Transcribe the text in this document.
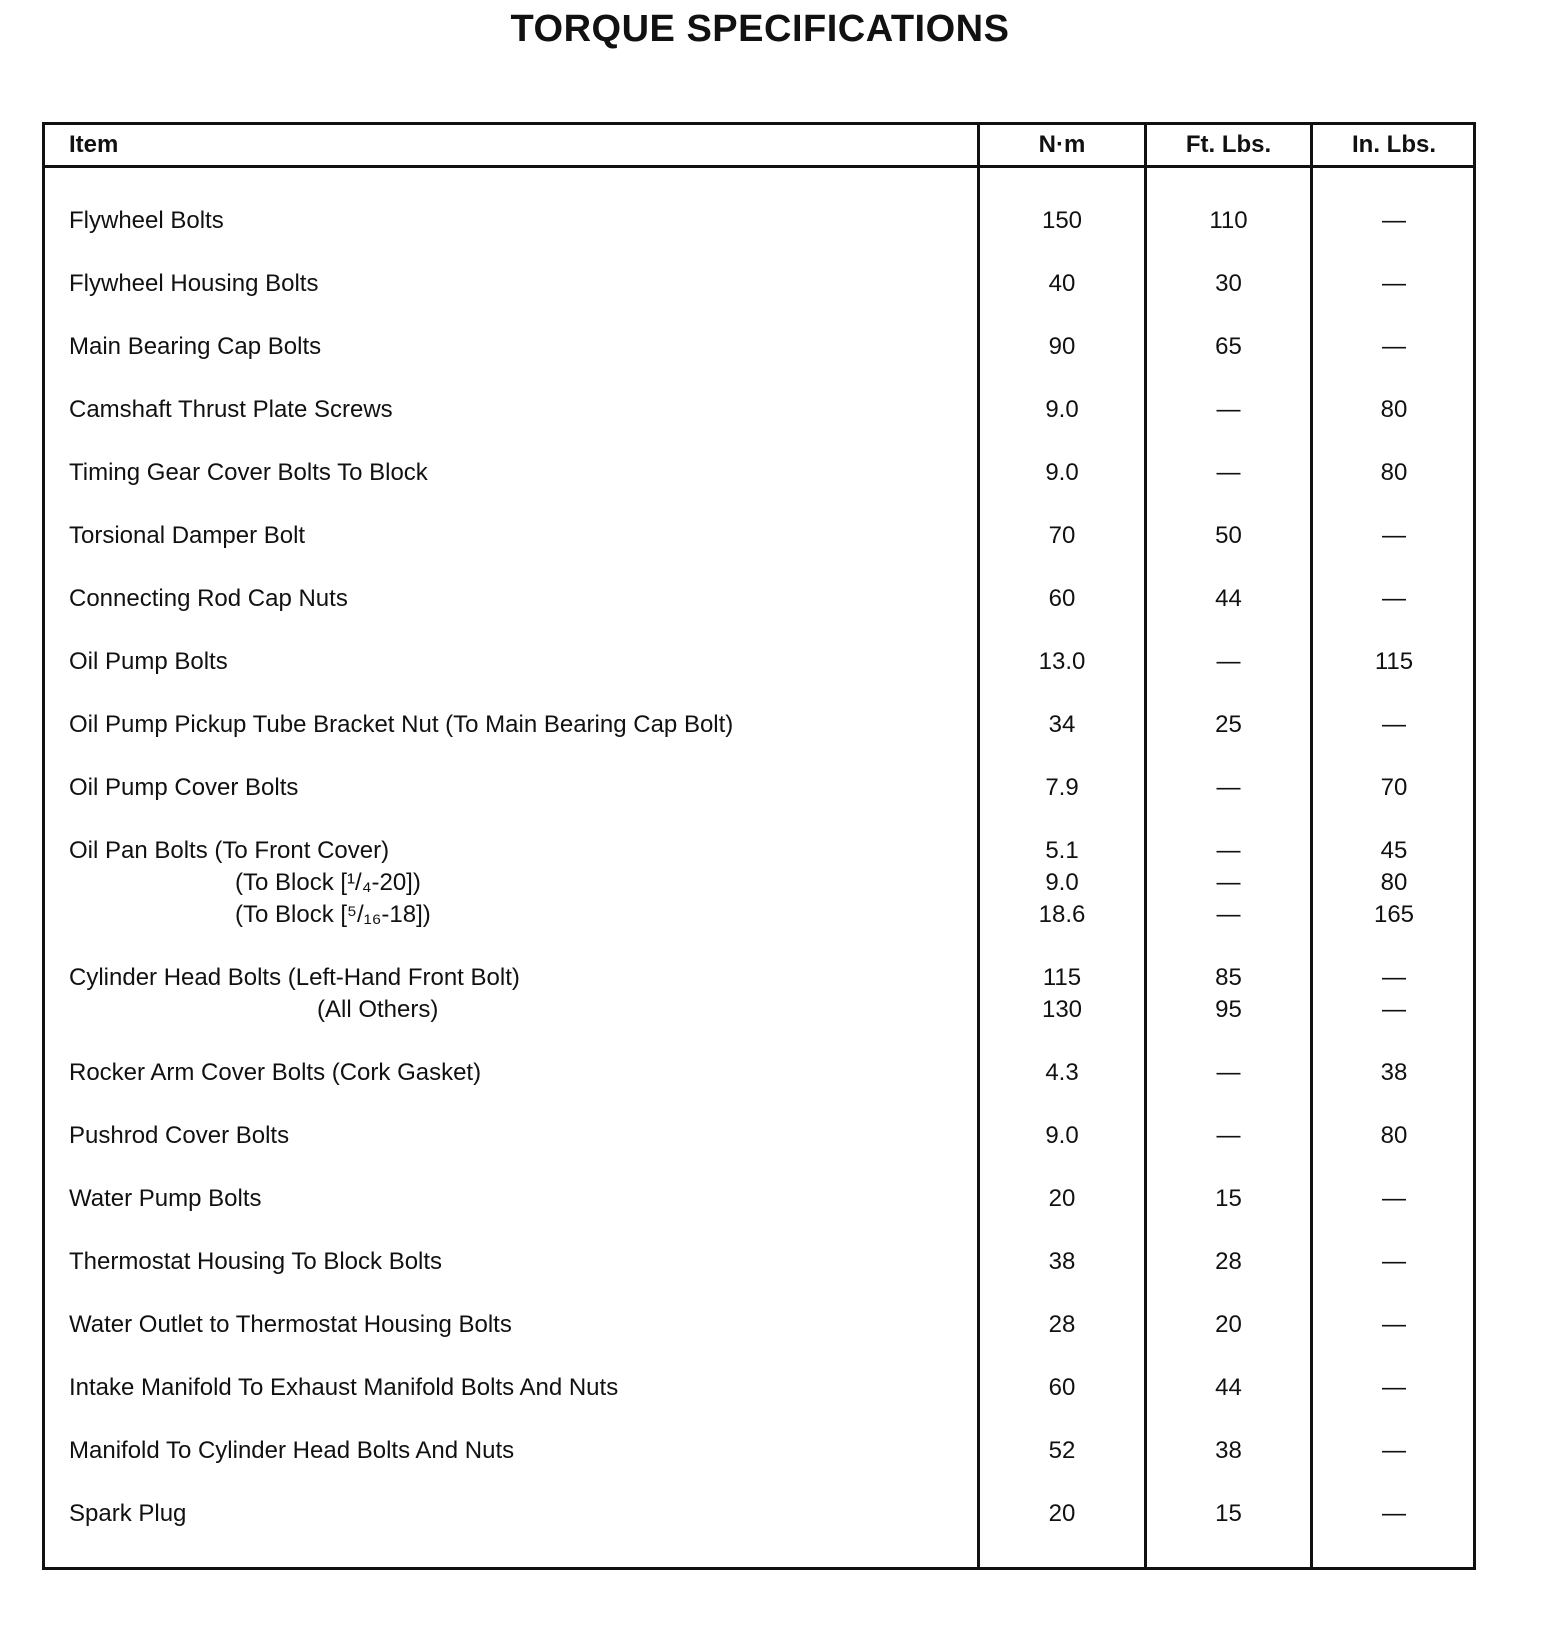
TORQUE SPECIFICATIONS
Item	N·m	Ft. Lbs.	In. Lbs.
Flywheel Bolts	150	110	—
Flywheel Housing Bolts	40	30	—
Main Bearing Cap Bolts	90	65	—
Camshaft Thrust Plate Screws	9.0	—	80
Timing Gear Cover Bolts To Block	9.0	—	80
Torsional Damper Bolt	70	50	—
Connecting Rod Cap Nuts	60	44	—
Oil Pump Bolts	13.0	—	115
Oil Pump Pickup Tube Bracket Nut (To Main Bearing Cap Bolt)	34	25	—
Oil Pump Cover Bolts	7.9	—	70
Oil Pan Bolts (To Front Cover)	5.1	—	45
(To Block [¹/₄-20])	9.0	—	80
(To Block [⁵/₁₆-18])	18.6	—	165
Cylinder Head Bolts (Left-Hand Front Bolt)	115	85	—
(All Others)	130	95	—
Rocker Arm Cover Bolts (Cork Gasket)	4.3	—	38
Pushrod Cover Bolts	9.0	—	80
Water Pump Bolts	20	15	—
Thermostat Housing To Block Bolts	38	28	—
Water Outlet to Thermostat Housing Bolts	28	20	—
Intake Manifold To Exhaust Manifold Bolts And Nuts	60	44	—
Manifold To Cylinder Head Bolts And Nuts	52	38	—
Spark Plug	20	15	—
